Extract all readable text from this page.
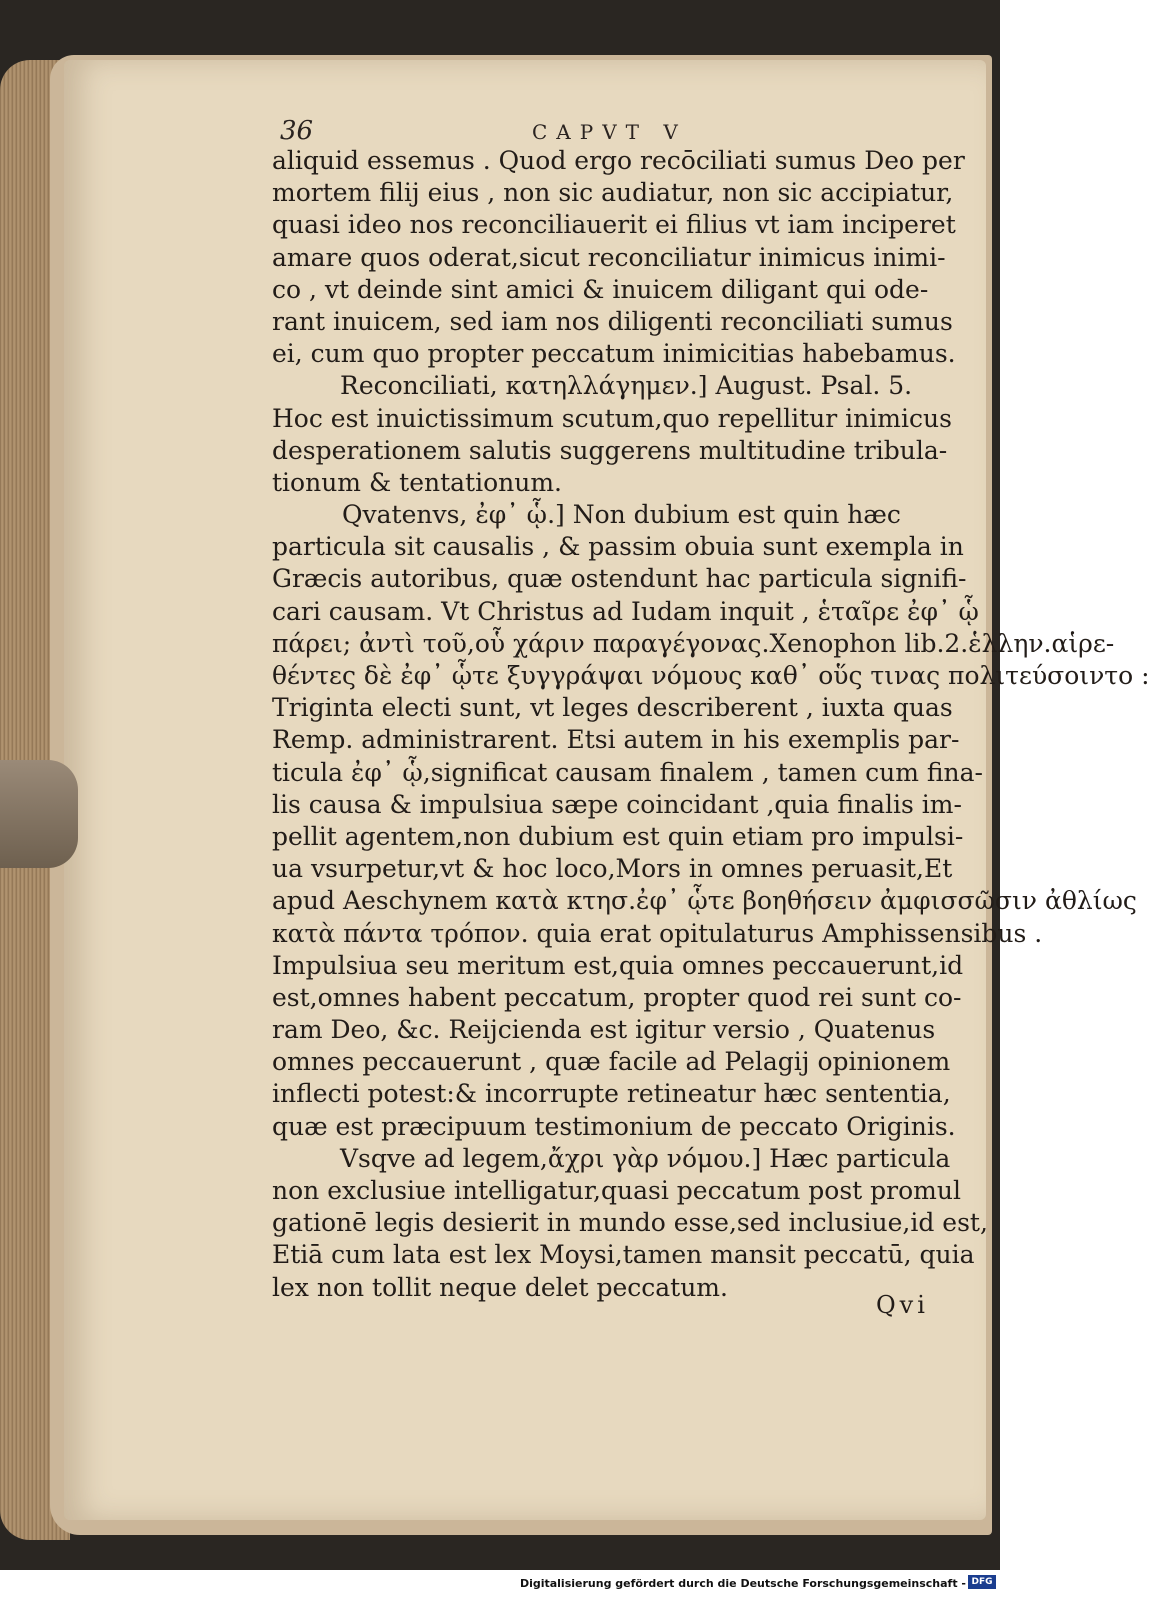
36	CAPVT V
aliquid essemus . Quod ergo recōciliati sumus Deo per
mortem filij eius , non sic audiatur, non sic accipiatur,
quasi ideo nos reconciliauerit ei filius vt iam inciperet
amare quos oderat,sicut reconciliatur inimicus inimi-
co , vt deinde sint amici & inuicem diligant qui ode-
rant inuicem, sed iam nos diligenti reconciliati sumus
ei, cum quo propter peccatum inimicitias habebamus.
Reconciliati, κατηλλάγημεν.] August. Psal. 5.
Hoc est inuictissimum scutum,quo repellitur inimicus
desperationem salutis suggerens multitudine tribula-
tionum & tentationum.
Qvatenvs, ἐφ᾽ ᾧ.] Non dubium est quin hæc
particula sit causalis , & passim obuia sunt exempla in
Græcis autoribus, quæ ostendunt hac particula signifi-
cari causam. Vt Christus ad Iudam inquit , ἑταῖρε ἐφ᾽ ᾧ
πάρει; ἀντὶ τοῦ,οὗ χάριν παραγέγονας.Xenophon lib.2.ἑλλην.αἱρε-
θέντες δὲ ἐφ᾽ ᾧτε ξυγγράψαι νόμους καθ᾽ οὕς τινας πολιτεύσοιντο :
Triginta electi sunt, vt leges describerent , iuxta quas
Remp. administrarent. Etsi autem in his exemplis par-
ticula ἐφ᾽ ᾧ,significat causam finalem , tamen cum fina-
lis causa & impulsiua sæpe coincidant ,quia finalis im-
pellit agentem,non dubium est quin etiam pro impulsi-
ua vsurpetur,vt & hoc loco,Mors in omnes peruasit,Et
apud Aeschynem κατὰ κτησ.ἐφ᾽ ᾧτε βοηθήσειν ἀμφισσῶσιν ἀθλίως
κατὰ πάντα τρόπον. quia erat opitulaturus Amphissensibus .
Impulsiua seu meritum est,quia omnes peccauerunt,id
est,omnes habent peccatum, propter quod rei sunt co-
ram Deo, &c. Reijcienda est igitur versio , Quatenus
omnes peccauerunt , quæ facile ad Pelagij opinionem
inflecti potest:& incorrupte retineatur hæc sententia,
quæ est præcipuum testimonium de peccato Originis.
Vsqve ad legem,ἄχρι γὰρ νόμου.] Hæc particula
non exclusiue intelligatur,quasi peccatum post promul
gationē legis desierit in mundo esse,sed inclusiue,id est,
Etiā cum lata est lex Moysi,tamen mansit peccatū, quia
lex non tollit neque delet peccatum.
Qvi
Digitalisierung gefördert durch die Deutsche Forschungsgemeinschaft - DFG
